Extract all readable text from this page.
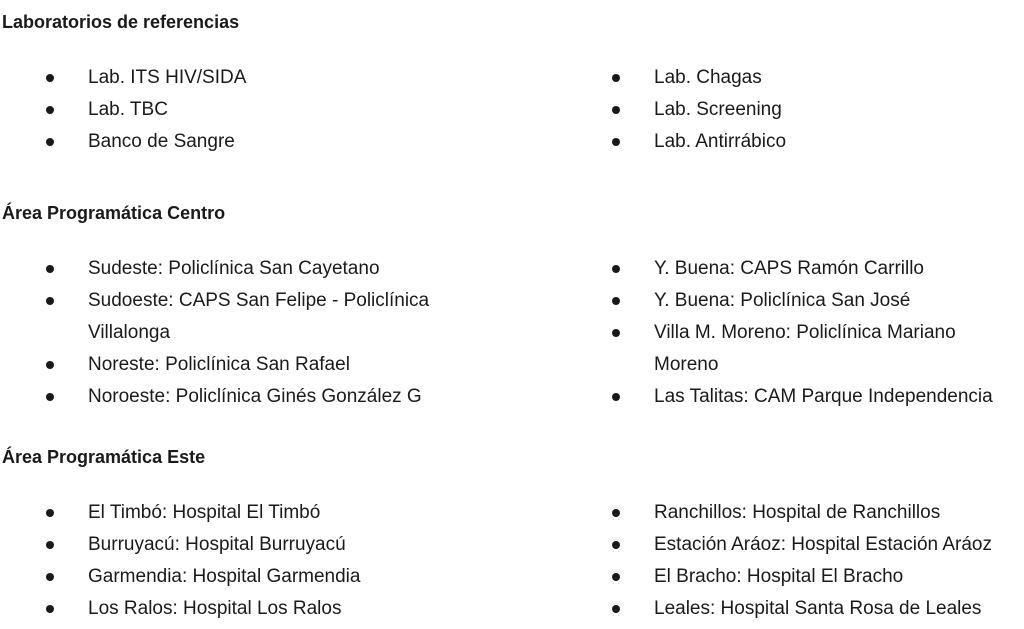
Laboratorios de referencias
Lab. ITS HIV/SIDA
Lab. TBC
Banco de Sangre
Lab. Chagas
Lab. Screening
Lab. Antirrábico
Área Programática Centro
Sudeste: Policlínica San Cayetano
Sudoeste: CAPS San Felipe - Policlínica Villalonga
Noreste: Policlínica San Rafael
Noroeste: Policlínica Ginés González G
Y. Buena: CAPS Ramón Carrillo
Y. Buena: Policlínica San José
Villa M. Moreno: Policlínica Mariano Moreno
Las Talitas: CAM Parque Independencia
Área Programática Este
El Timbó: Hospital El Timbó
Burruyacú: Hospital Burruyacú
Garmendia: Hospital Garmendia
Los Ralos: Hospital Los Ralos
Ranchillos: Hospital de Ranchillos
Estación Aráoz: Hospital Estación Aráoz
El Bracho: Hospital El Bracho
Leales: Hospital Santa Rosa de Leales
